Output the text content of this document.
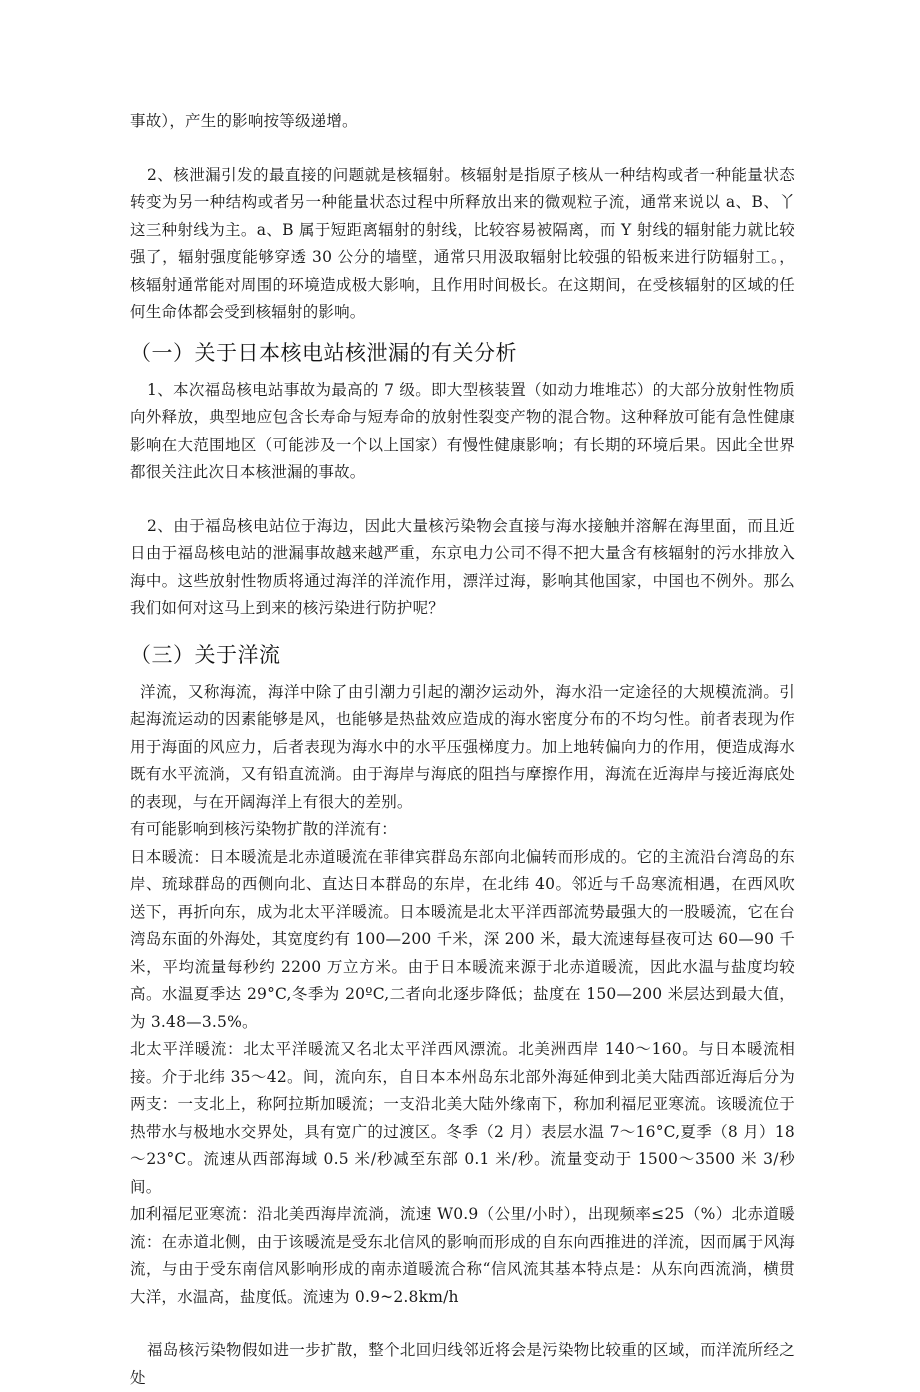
事故），产生的影响按等级递增。

2、核泄漏引发的最直接的问题就是核辐射。核辐射是指原子核从一种结构或者一种能量状态转变为另一种结构或者另一种能量状态过程中所释放出来的微观粒子流，通常来说以 a、B、丫这三种射线为主。a、B 属于短距离辐射的射线，比较容易被隔离，而 Y 射线的辐射能力就比较强了，辐射强度能够穿透 30 公分的墙壁，通常只用汲取辐射比较强的铅板来进行防辐射工。，核辐射通常能对周围的环境造成极大影响，且作用时间极长。在这期间，在受核辐射的区域的任何生命体都会受到核辐射的影响。

（一）关于日本核电站核泄漏的有关分析

1、本次福岛核电站事故为最高的 7 级。即大型核装置（如动力堆堆芯）的大部分放射性物质向外释放，典型地应包含长寿命与短寿命的放射性裂变产物的混合物。这种释放可能有急性健康影响在大范围地区（可能涉及一个以上国家）有慢性健康影响；有长期的环境后果。因此全世界都很关注此次日本核泄漏的事故。

2、由于福岛核电站位于海边，因此大量核污染物会直接与海水接触并溶解在海里面，而且近日由于福岛核电站的泄漏事故越来越严重，东京电力公司不得不把大量含有核辐射的污水排放入海中。这些放射性物质将通过海洋的洋流作用，漂洋过海，影响其他国家，中国也不例外。那么我们如何对这马上到来的核污染进行防护呢？

（三）关于洋流

洋流，又称海流，海洋中除了由引潮力引起的潮汐运动外，海水沿一定途径的大规模流淌。引起海流运动的因素能够是风，也能够是热盐效应造成的海水密度分布的不均匀性。前者表现为作用于海面的风应力，后者表现为海水中的水平压强梯度力。加上地转偏向力的作用，便造成海水既有水平流淌，又有铅直流淌。由于海岸与海底的阻挡与摩擦作用，海流在近海岸与接近海底处的表现，与在开阔海洋上有很大的差别。

有可能影响到核污染物扩散的洋流有：

日本暖流：日本暖流是北赤道暖流在菲律宾群岛东部向北偏转而形成的。它的主流沿台湾岛的东岸、琉球群岛的西侧向北、直达日本群岛的东岸，在北纬 40。邻近与千岛寒流相遇，在西风吹送下，再折向东，成为北太平洋暖流。日本暖流是北太平洋西部流势最强大的一股暖流，它在台湾岛东面的外海处，其宽度约有 100—200 千米，深 200 米，最大流速每昼夜可达 60—90 千米，平均流量每秒约 2200 万立方米。由于日本暖流来源于北赤道暖流，因此水温与盐度均较高。水温夏季达 29°C,冬季为 20ºC,二者向北逐步降低；盐度在 150—200 米层达到最大值，为 3.48—3.5%。

北太平洋暖流：北太平洋暖流又名北太平洋西风漂流。北美洲西岸 140～160。与日本暖流相接。介于北纬 35～42。间，流向东，自日本本州岛东北部外海延伸到北美大陆西部近海后分为两支：一支北上，称阿拉斯加暖流；一支沿北美大陆外缘南下，称加利福尼亚寒流。该暖流位于热带水与极地水交界处，具有宽广的过渡区。冬季（2 月）表层水温 7～16°C,夏季（8 月）18～23°C。流速从西部海域 0.5 米/秒减至东部 0.1 米/秒。流量变动于 1500～3500 米 3/秒间。

加利福尼亚寒流：沿北美西海岸流淌，流速 W0.9（公里/小时），出现频率≤25（%）北赤道暖流：在赤道北侧，由于该暖流是受东北信风的影响而形成的自东向西推进的洋流，因而属于风海流，与由于受东南信风影响形成的南赤道暖流合称“信风流其基本特点是：从东向西流淌，横贯大洋，水温高，盐度低。流速为 0.9~2.8km/h

福岛核污染物假如进一步扩散，整个北回归线邻近将会是污染物比较重的区域，而洋流所经之处
